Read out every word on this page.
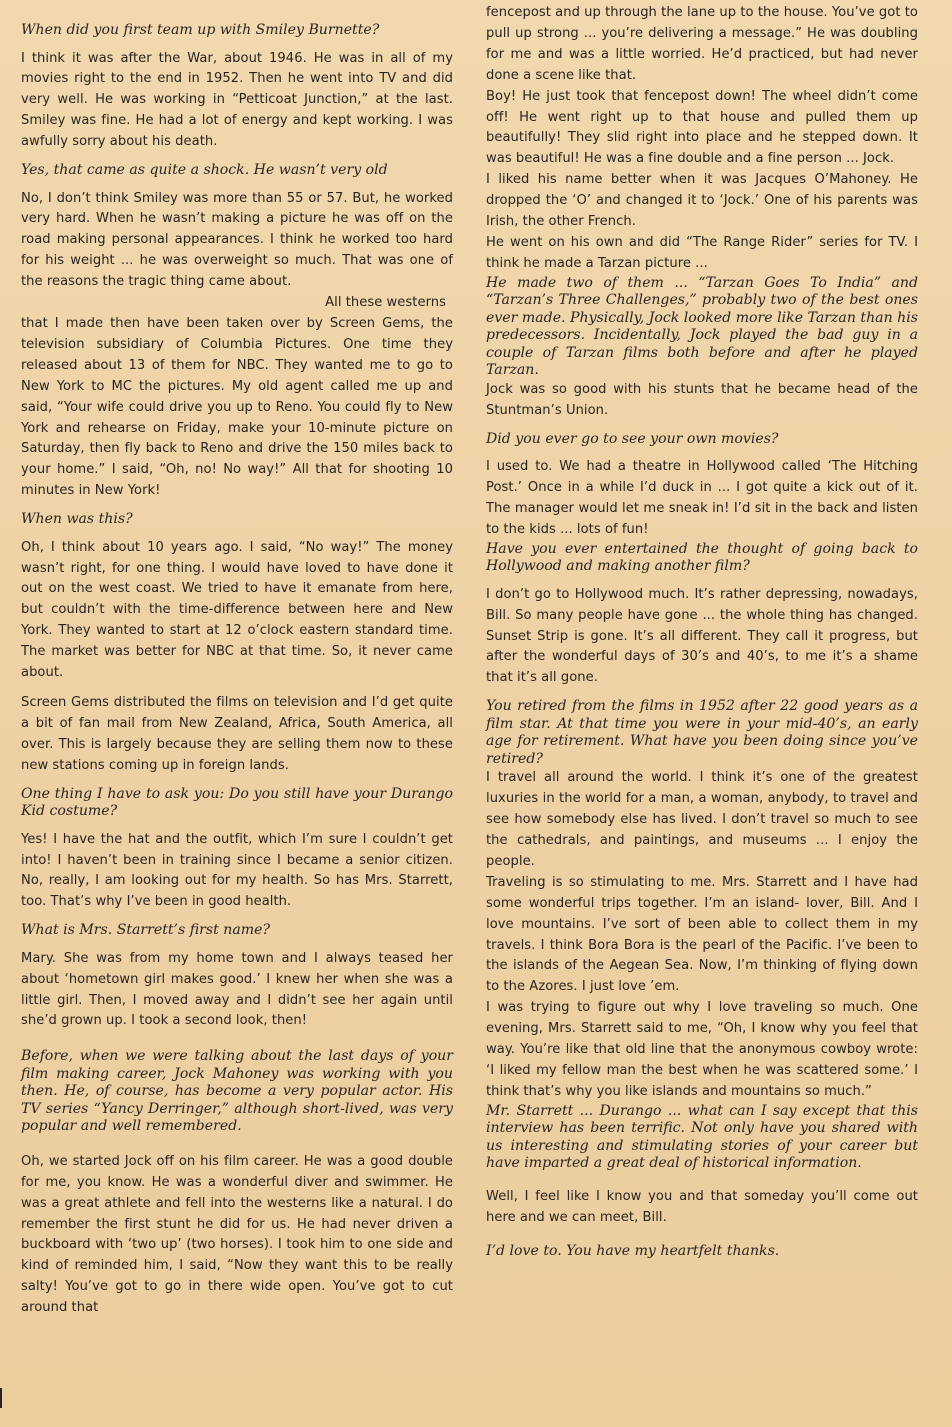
When did you first team up with Smiley Burnette?

I think it was after the War, about 1946. He was in all of my movies right to the end in 1952. Then he went into TV and did very well. He was working in “Petticoat Junction,” at the last. Smiley was fine. He had a lot of energy and kept working. I was awfully sorry about his death.

Yes, that came as quite a shock. He wasn’t very old

No, I don’t think Smiley was more than 55 or 57. But, he worked very hard. When he wasn’t making a picture he was off on the road making personal appearances. I think he worked too hard for his weight ... he was overweight so much. That was one of the reasons the tragic thing came about.

All these westerns

that I made then have been taken over by Screen Gems, the television subsidiary of Columbia Pictures. One time they released about 13 of them for NBC. They wanted me to go to New York to MC the pictures. My old agent called me up and said, “Your wife could drive you up to Reno. You could fly to New York and rehearse on Friday, make your 10-minute picture on Saturday, then fly back to Reno and drive the 150 miles back to your home.” I said, “Oh, no! No way!” All that for shooting 10 minutes in New York!

When was this?

Oh, I think about 10 years ago. I said, “No way!” The money wasn’t right, for one thing. I would have loved to have done it out on the west coast. We tried to have it emanate from here, but couldn’t with the time-difference between here and New York. They wanted to start at 12 o’clock eastern standard time. The market was better for NBC at that time. So, it never came about.

Screen Gems distributed the films on television and I’d get quite a bit of fan mail from New Zealand, Africa, South America, all over. This is largely because they are selling them now to these new stations coming up in foreign lands.

One thing I have to ask you: Do you still have your Durango Kid costume?

Yes! I have the hat and the outfit, which I’m sure I couldn’t get into! I haven’t been in training since I became a senior citizen. No, really, I am looking out for my health. So has Mrs. Starrett, too. That’s why I’ve been in good health.

What is Mrs. Starrett’s first name?

Mary. She was from my home town and I always teased her about ‘hometown girl makes good.’ I knew her when she was a little girl. Then, I moved away and I didn’t see her again until she’d grown up. I took a second look, then!

Before, when we were talking about the last days of your film making career, Jock Mahoney was working with you then. He, of course, has become a very popular actor. His TV series “Yancy Derringer,” although short-lived, was very popular and well remembered.

Oh, we started Jock off on his film career. He was a good double for me, you know. He was a wonderful diver and swimmer. He was a great athlete and fell into the westerns like a natural. I do remember the first stunt he did for us. He had never driven a buckboard with ‘two up’ (two horses). I took him to one side and kind of reminded him, I said, “Now they want this to be really salty! You’ve got to go in there wide open. You’ve got to cut around that

fencepost and up through the lane up to the house. You’ve got to pull up strong ... you’re delivering a message.” He was doubling for me and was a little worried. He’d practiced, but had never done a scene like that.

Boy! He just took that fencepost down! The wheel didn’t come off! He went right up to that house and pulled them up beautifully! They slid right into place and he stepped down. It was beautiful! He was a fine double and a fine person ... Jock.

I liked his name better when it was Jacques O’Mahoney. He dropped the ‘O’ and changed it to ‘Jock.’ One of his parents was Irish, the other French.

He went on his own and did “The Range Rider” series for TV. I think he made a Tarzan picture ...

He made two of them ... “Tarzan Goes To India” and “Tarzan’s Three Challenges,” probably two of the best ones ever made. Physically, Jock looked more like Tarzan than his predecessors. Incidentally, Jock played the bad guy in a couple of Tarzan films both before and after he played Tarzan.

Jock was so good with his stunts that he became head of the Stuntman’s Union.

Did you ever go to see your own movies?

I used to. We had a theatre in Hollywood called ‘The Hitching Post.’ Once in a while I’d duck in ... I got quite a kick out of it. The manager would let me sneak in! I’d sit in the back and listen to the kids ... lots of fun!

Have you ever entertained the thought of going back to Hollywood and making another film?

I don’t go to Hollywood much. It’s rather depressing, nowadays, Bill. So many people have gone ... the whole thing has changed. Sunset Strip is gone. It’s all different. They call it progress, but after the wonderful days of 30’s and 40’s, to me it’s a shame that it’s all gone.

You retired from the films in 1952 after 22 good years as a film star. At that time you were in your mid-40’s, an early age for retirement. What have you been doing since you’ve retired?

I travel all around the world. I think it’s one of the greatest luxuries in the world for a man, a woman, anybody, to travel and see how somebody else has lived. I don’t travel so much to see the cathedrals, and paintings, and museums ... I enjoy the people.

Traveling is so stimulating to me. Mrs. Starrett and I have had some wonderful trips together. I’m an island- lover, Bill. And I love mountains. I’ve sort of been able to collect them in my travels. I think Bora Bora is the pearl of the Pacific. I’ve been to the islands of the Aegean Sea. Now, I’m thinking of flying down to the Azores. I just love ’em.

I was trying to figure out why I love traveling so much. One evening, Mrs. Starrett said to me, “Oh, I know why you feel that way. You’re like that old line that the anonymous cowboy wrote: ‘I liked my fellow man the best when he was scattered some.’ I think that’s why you like islands and mountains so much.”

Mr. Starrett ... Durango ... what can I say except that this interview has been terrific. Not only have you shared with us interesting and stimulating stories of your career but have imparted a great deal of historical information.

Well, I feel like I know you and that someday you’ll come out here and we can meet, Bill.

I’d love to. You have my heartfelt thanks.
